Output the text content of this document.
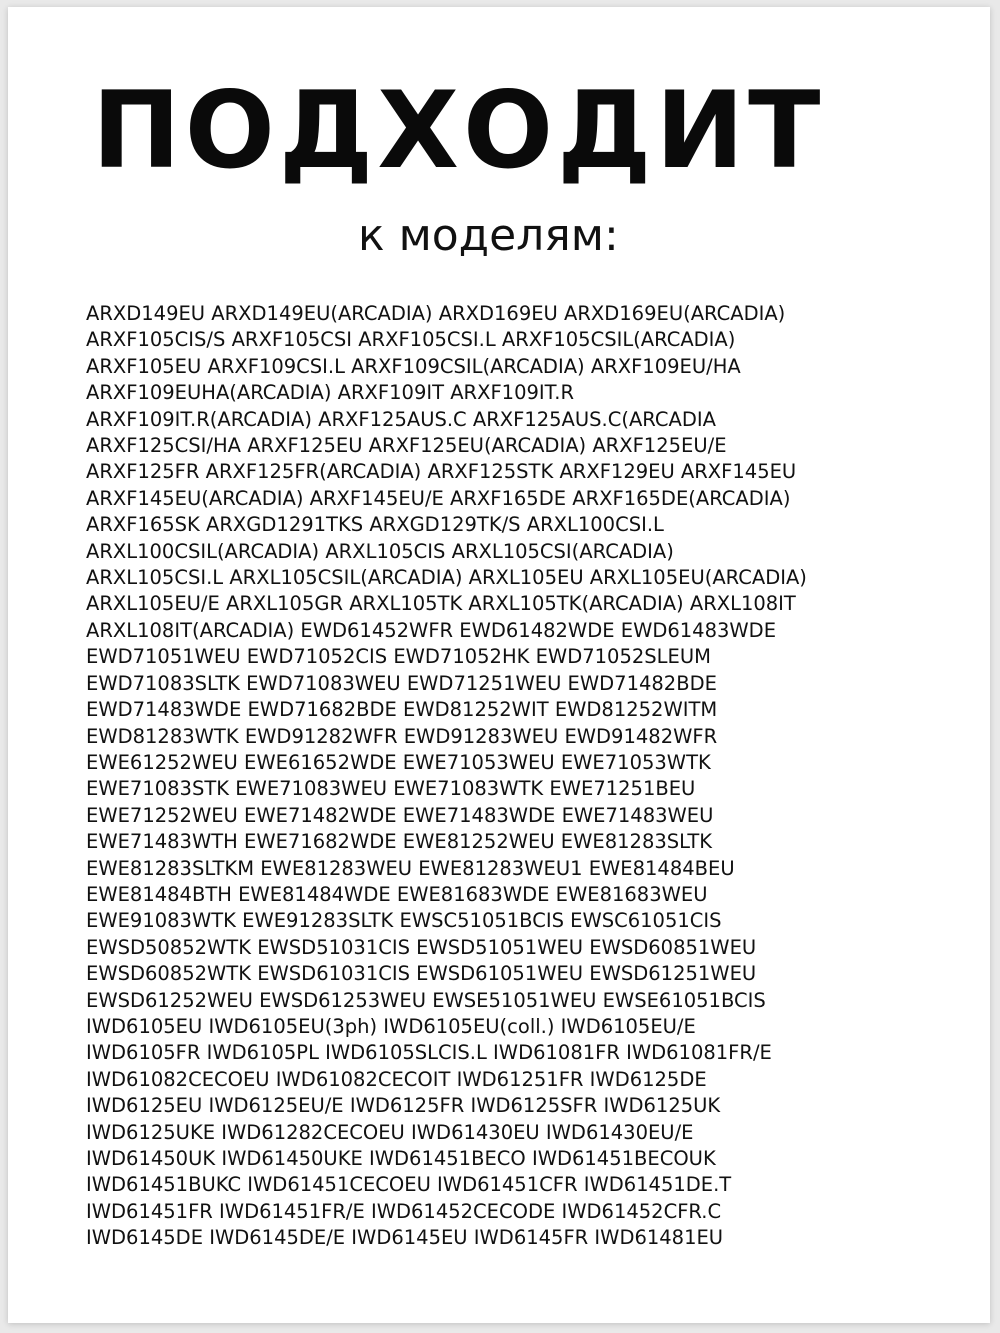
ПОДХОДИТ
к моделям:
ARXD149EU ARXD149EU(ARCADIA) ARXD169EU ARXD169EU(ARCADIA)
ARXF105CIS/S ARXF105CSI ARXF105CSI.L ARXF105CSIL(ARCADIA)
ARXF105EU ARXF109CSI.L ARXF109CSIL(ARCADIA) ARXF109EU/HA
ARXF109EUHA(ARCADIA) ARXF109IT ARXF109IT.R
ARXF109IT.R(ARCADIA) ARXF125AUS.C ARXF125AUS.C(ARCADIA
ARXF125CSI/HA ARXF125EU ARXF125EU(ARCADIA) ARXF125EU/E
ARXF125FR ARXF125FR(ARCADIA) ARXF125STK ARXF129EU ARXF145EU
ARXF145EU(ARCADIA) ARXF145EU/E ARXF165DE ARXF165DE(ARCADIA)
ARXF165SK ARXGD1291TKS ARXGD129TK/S ARXL100CSI.L
ARXL100CSIL(ARCADIA) ARXL105CIS ARXL105CSI(ARCADIA)
ARXL105CSI.L ARXL105CSIL(ARCADIA) ARXL105EU ARXL105EU(ARCADIA)
ARXL105EU/E ARXL105GR ARXL105TK ARXL105TK(ARCADIA) ARXL108IT
ARXL108IT(ARCADIA) EWD61452WFR EWD61482WDE EWD61483WDE
EWD71051WEU EWD71052CIS EWD71052HK EWD71052SLEUM
EWD71083SLTK EWD71083WEU EWD71251WEU EWD71482BDE
EWD71483WDE EWD71682BDE EWD81252WIT EWD81252WITM
EWD81283WTK EWD91282WFR EWD91283WEU EWD91482WFR
EWE61252WEU EWE61652WDE EWE71053WEU EWE71053WTK
EWE71083STK EWE71083WEU EWE71083WTK EWE71251BEU
EWE71252WEU EWE71482WDE EWE71483WDE EWE71483WEU
EWE71483WTH EWE71682WDE EWE81252WEU EWE81283SLTK
EWE81283SLTKM EWE81283WEU EWE81283WEU1 EWE81484BEU
EWE81484BTH EWE81484WDE EWE81683WDE EWE81683WEU
EWE91083WTK EWE91283SLTK EWSC51051BCIS EWSC61051CIS
EWSD50852WTK EWSD51031CIS EWSD51051WEU EWSD60851WEU
EWSD60852WTK EWSD61031CIS EWSD61051WEU EWSD61251WEU
EWSD61252WEU EWSD61253WEU EWSE51051WEU EWSE61051BCIS
IWD6105EU IWD6105EU(3ph) IWD6105EU(coll.) IWD6105EU/E
IWD6105FR IWD6105PL IWD6105SLCIS.L IWD61081FR IWD61081FR/E
IWD61082CECOEU IWD61082CECOIT IWD61251FR IWD6125DE
IWD6125EU IWD6125EU/E IWD6125FR IWD6125SFR IWD6125UK
IWD6125UKE IWD61282CECOEU IWD61430EU IWD61430EU/E
IWD61450UK IWD61450UKE IWD61451BECO IWD61451BECOUK
IWD61451BUKC IWD61451CECOEU IWD61451CFR IWD61451DE.T
IWD61451FR IWD61451FR/E IWD61452CECODE IWD61452CFR.C
IWD6145DE IWD6145DE/E IWD6145EU IWD6145FR IWD61481EU
